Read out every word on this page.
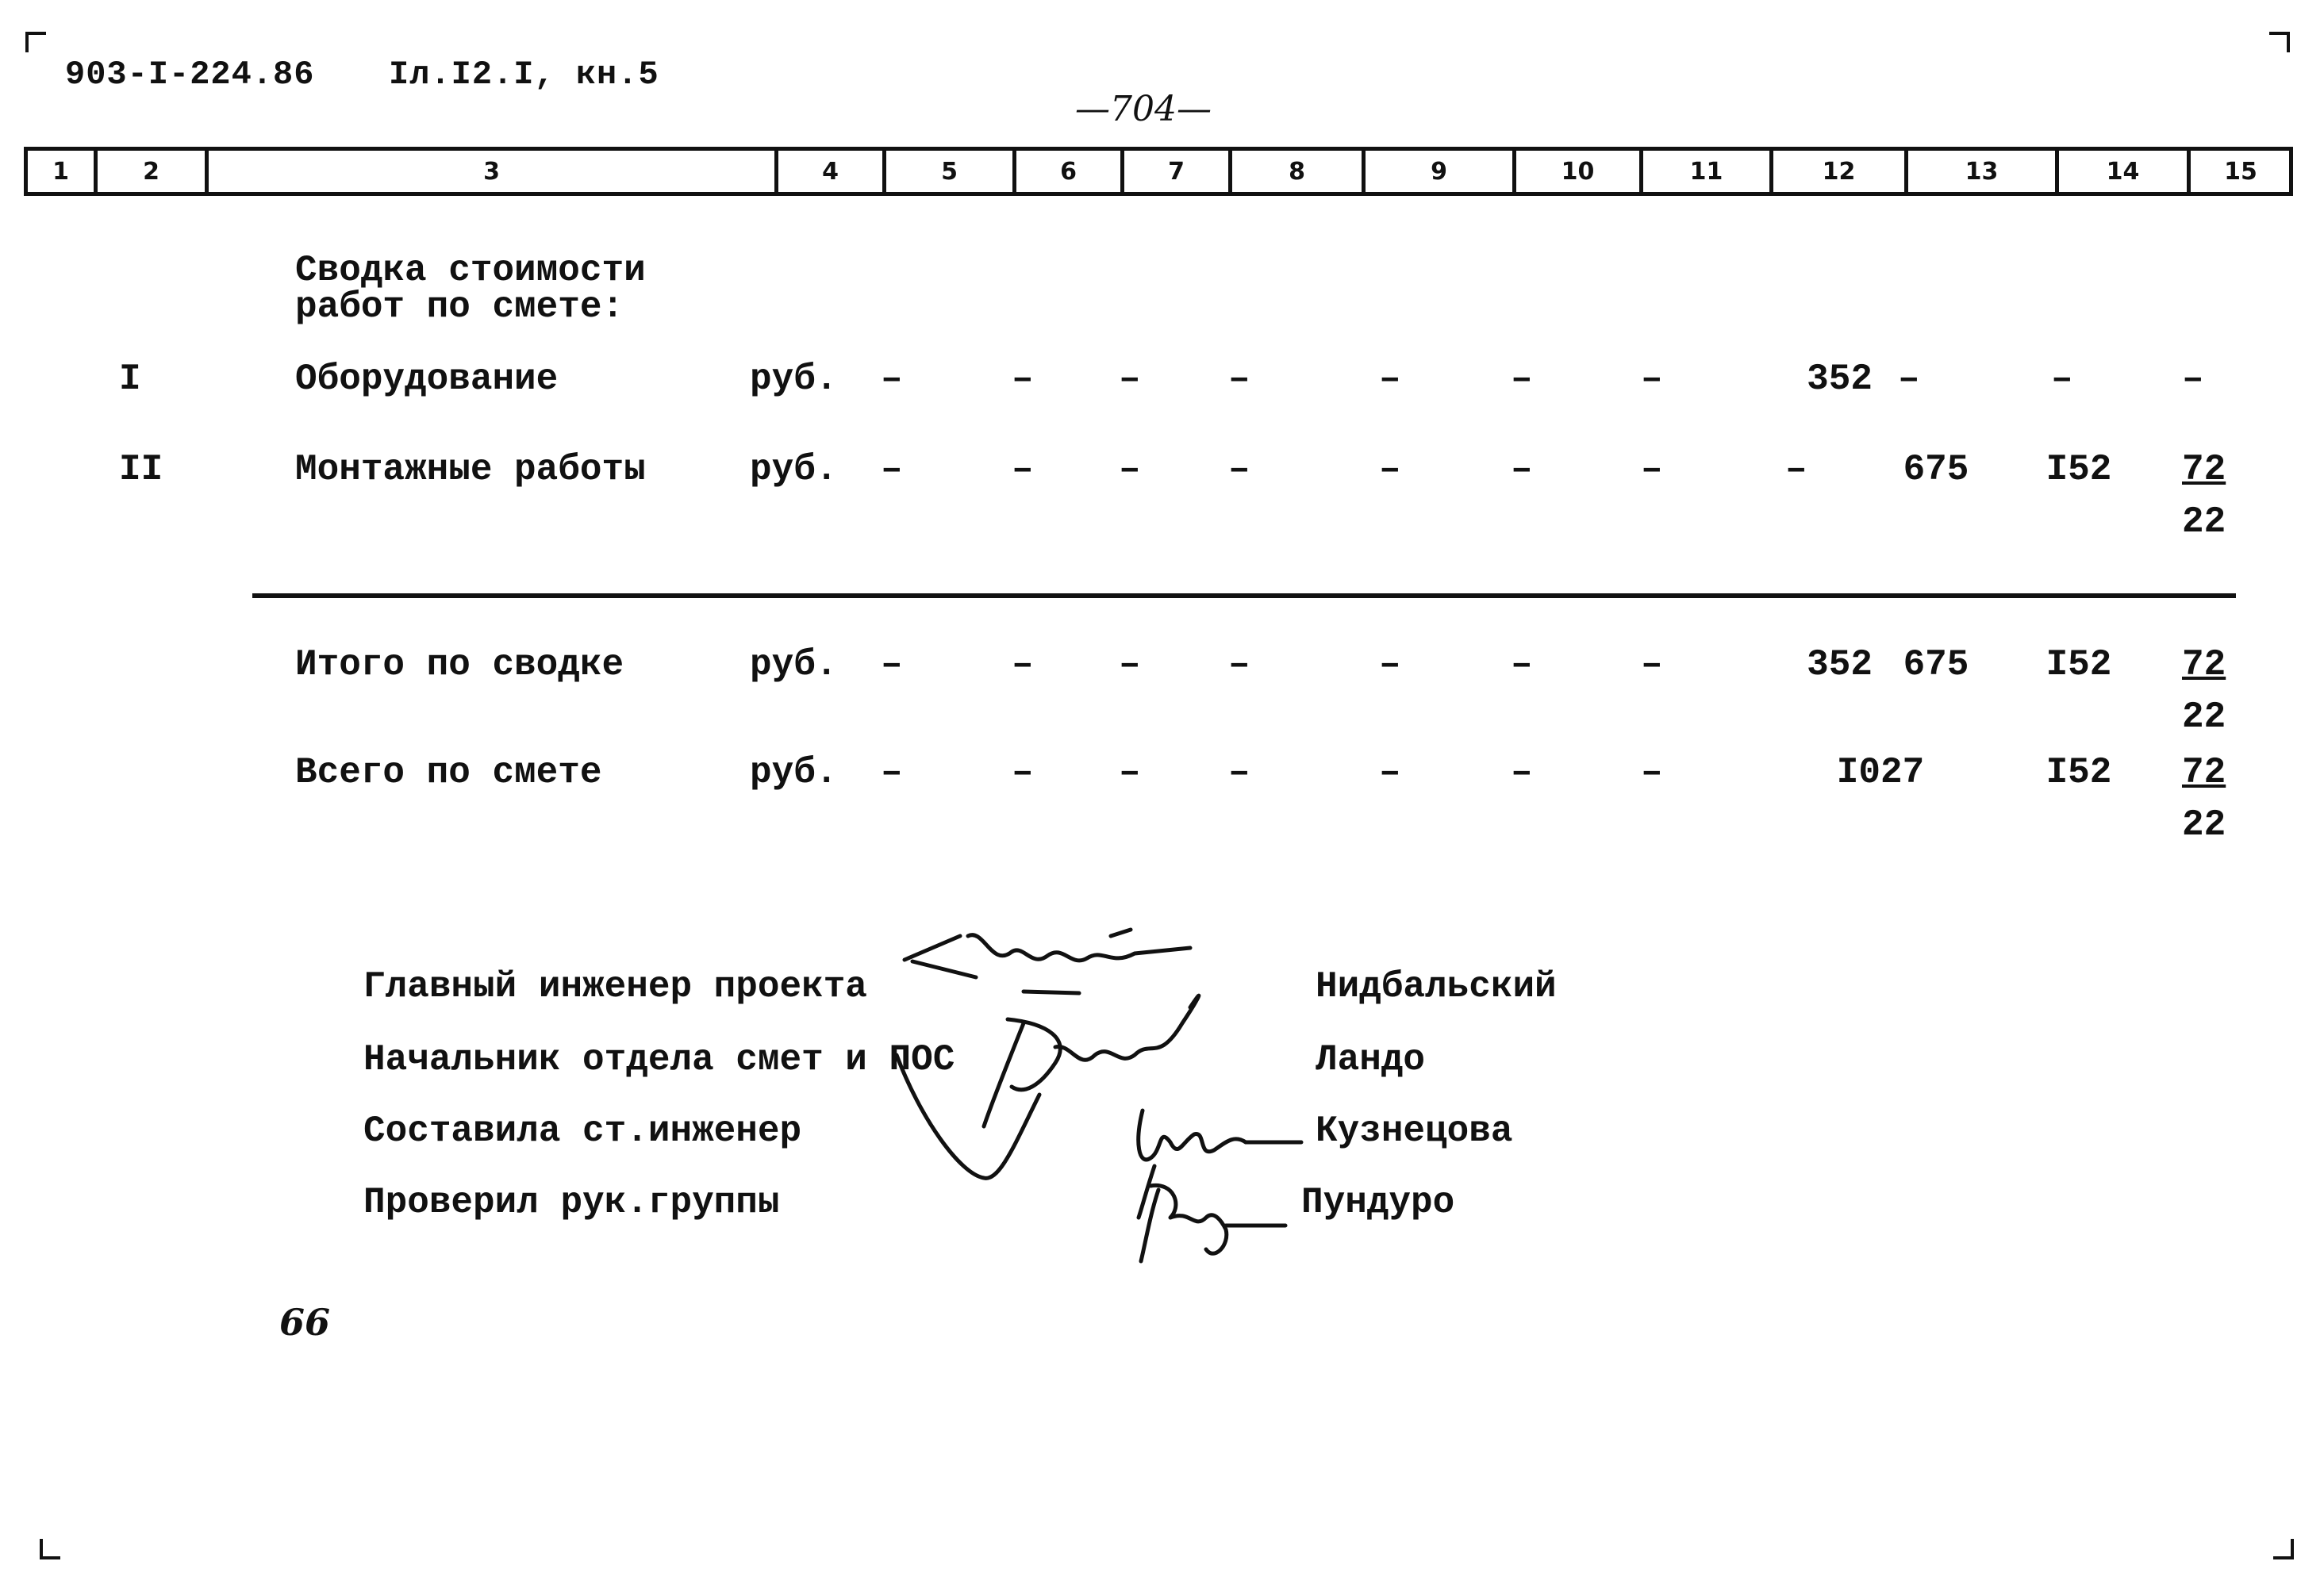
903-I-224.86 Iл.I2.I, кн.5
—704—
1	2	3	4	5	6	7	8	9	10	11	12	13	14	15
Сводка стоимости
работ по смете:
I	Оборудование	руб. –	– – –	–	–	–	352 –	–	–
II	Монтажные работы	руб. –	– – –	–	–	–	–	675	I52	72
22
Итого по сводке	руб. –	– – –	–	–	–	352 675	I52	72
22
Всего по смете	руб. –	– – –	–	–	–	I027	I52	72
22
Главный инженер проекта	Нидбальский
Начальник отдела смет и ПОС	Ландо
Составила ст.инженер	Кузнецова
Проверил рук.группы	Пундуро
66
